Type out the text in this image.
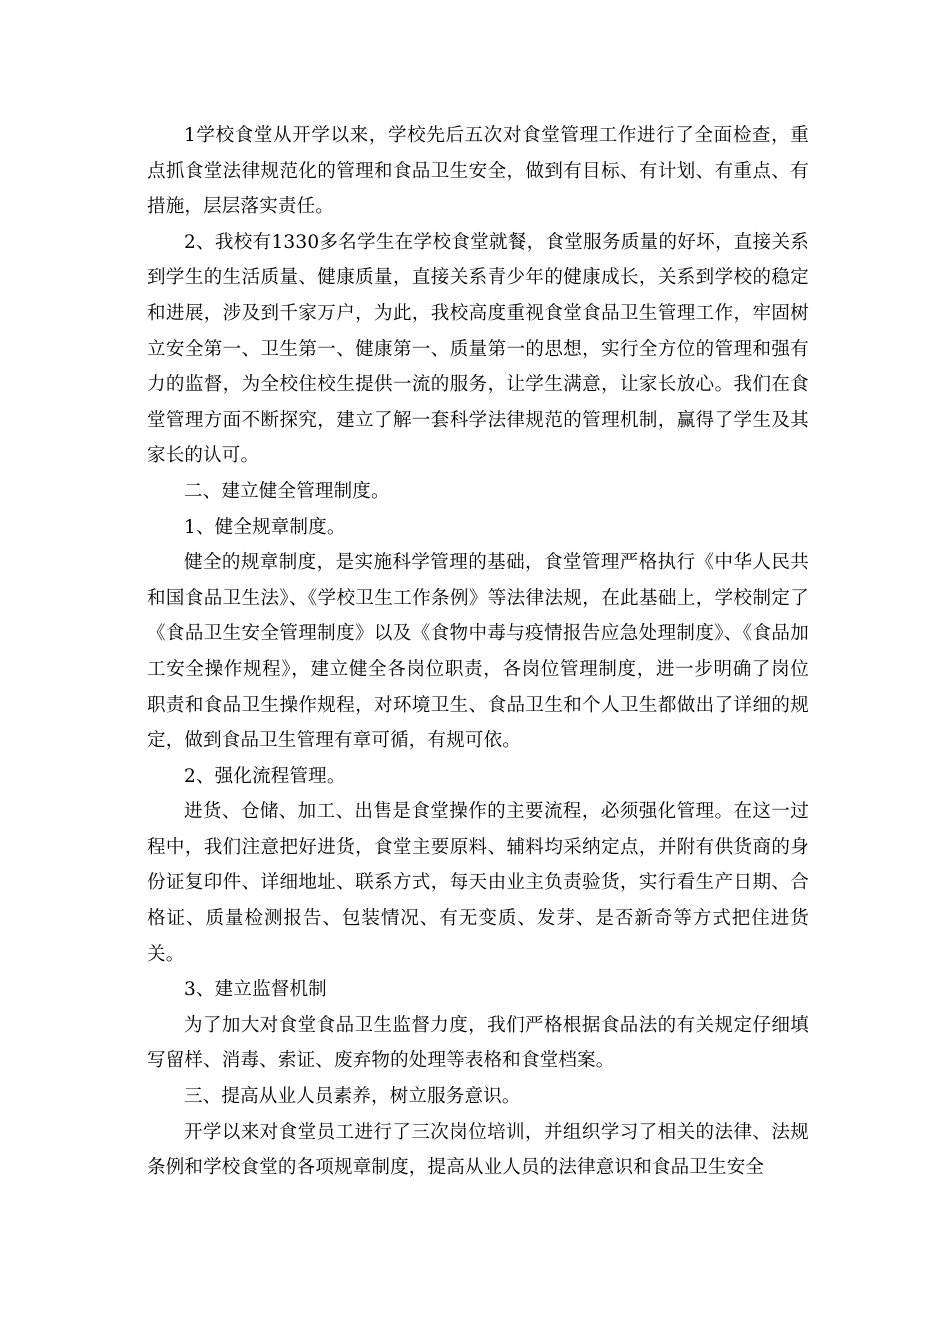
1学校食堂从开学以来，学校先后五次对食堂管理工作进行了全面检查，重点抓食堂法律规范化的管理和食品卫生安全，做到有目标、有计划、有重点、有措施，层层落实责任。

2、我校有1330多名学生在学校食堂就餐，食堂服务质量的好坏，直接关系到学生的生活质量、健康质量，直接关系青少年的健康成长，关系到学校的稳定和进展，涉及到千家万户，为此，我校高度重视食堂食品卫生管理工作，牢固树立安全第一、卫生第一、健康第一、质量第一的思想，实行全方位的管理和强有力的监督，为全校住校生提供一流的服务，让学生满意，让家长放心。我们在食堂管理方面不断探究，建立了解一套科学法律规范的管理机制，赢得了学生及其家长的认可。

二、建立健全管理制度。

1、健全规章制度。

健全的规章制度，是实施科学管理的基础，食堂管理严格执行《中华人民共和国食品卫生法》、《学校卫生工作条例》等法律法规，在此基础上，学校制定了《食品卫生安全管理制度》以及《食物中毒与疫情报告应急处理制度》、《食品加工安全操作规程》，建立健全各岗位职责，各岗位管理制度，进一步明确了岗位职责和食品卫生操作规程，对环境卫生、食品卫生和个人卫生都做出了详细的规定，做到食品卫生管理有章可循，有规可依。

2、强化流程管理。

进货、仓储、加工、出售是食堂操作的主要流程，必须强化管理。在这一过程中，我们注意把好进货，食堂主要原料、辅料均采纳定点，并附有供货商的身份证复印件、详细地址、联系方式，每天由业主负责验货，实行看生产日期、合格证、质量检测报告、包装情况、有无变质、发芽、是否新奇等方式把住进货关。

3、建立监督机制

为了加大对食堂食品卫生监督力度，我们严格根据食品法的有关规定仔细填写留样、消毒、索证、废弃物的处理等表格和食堂档案。

三、提高从业人员素养，树立服务意识。

开学以来对食堂员工进行了三次岗位培训，并组织学习了相关的法律、法规条例和学校食堂的各项规章制度，提高从业人员的法律意识和食品卫生安全
